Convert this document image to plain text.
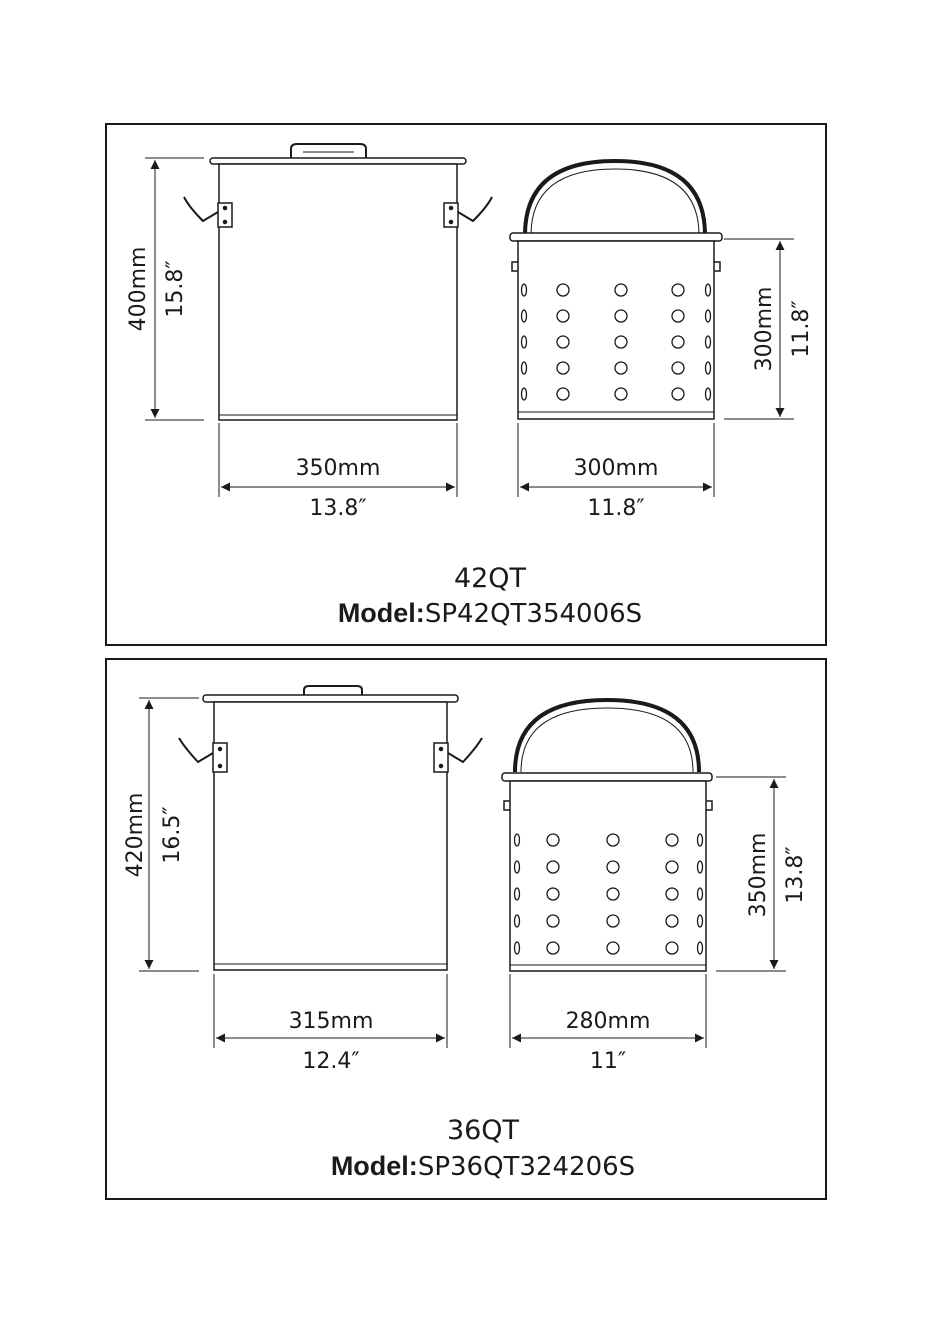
400mm 15.8″	300mm 11.8″
350mm
13.8″
300mm
11.8″
42QT
Model:SP42QT354006S
420mm 16.5″	350mm 13.8″
315mm
12.4″
280mm
11″
36QT
Model:SP36QT324206S
